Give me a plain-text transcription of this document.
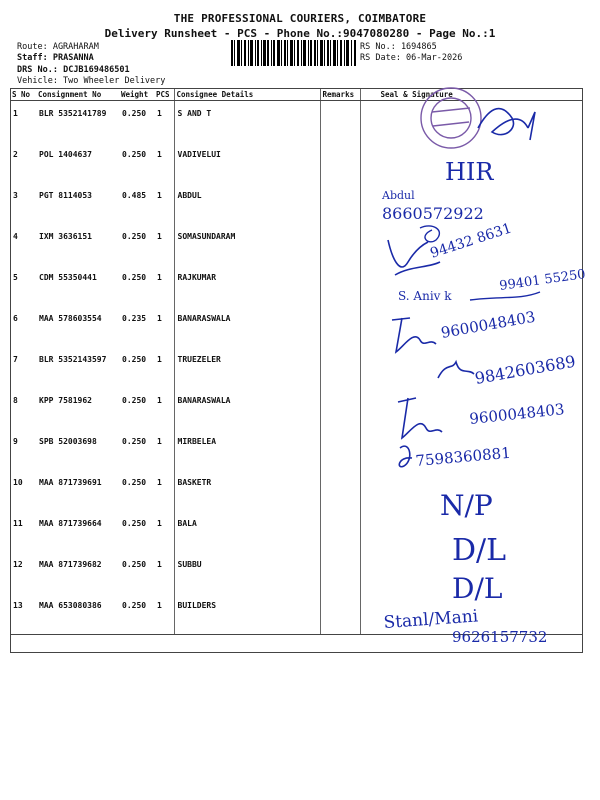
THE PROFESSIONAL COURIERS, COIMBATORE
Delivery Runsheet - PCS - Phone No.:9047080280 - Page No.:1
Route: AGRAHARAM
Staff: PRASANNA
DRS No.: DCJB169486501
Vehicle: Two Wheeler Delivery
RS No.: 1694865
RS Date: 06-Mar-2026
S No	Consignment No	Weight	PCS	Consignee Details	Remarks	Seal & Signature
1	BLR 5352141789	0.250	1	S AND T		
2	POL 1404637	0.250	1	VADIVELUI		
3	PGT 8114053	0.485	1	ABDUL		
4	IXM 3636151	0.250	1	SOMASUNDARAM		
5	CDM 55350441	0.250	1	RAJKUMAR		
6	MAA 578603554	0.235	1	BANARASWALA		
7	BLR 5352143597	0.250	1	TRUEZELER		
8	KPP 7581962	0.250	1	BANARASWALA		
9	SPB 52003698	0.250	1	MIRBELEA		
10	MAA 871739691	0.250	1	BASKETR		
11	MAA 871739664	0.250	1	BALA		
12	MAA 871739682	0.250	1	SUBBU		
13	MAA 653080386	0.250	1	BUILDERS		
HIR
Abdul
8660572922
94432 8631
S. Aniv k
99401 55250
9600048403
9842603689
9600048403
7598360881
N/P
D/L
D/L
Stanl/Mani
9626157732
